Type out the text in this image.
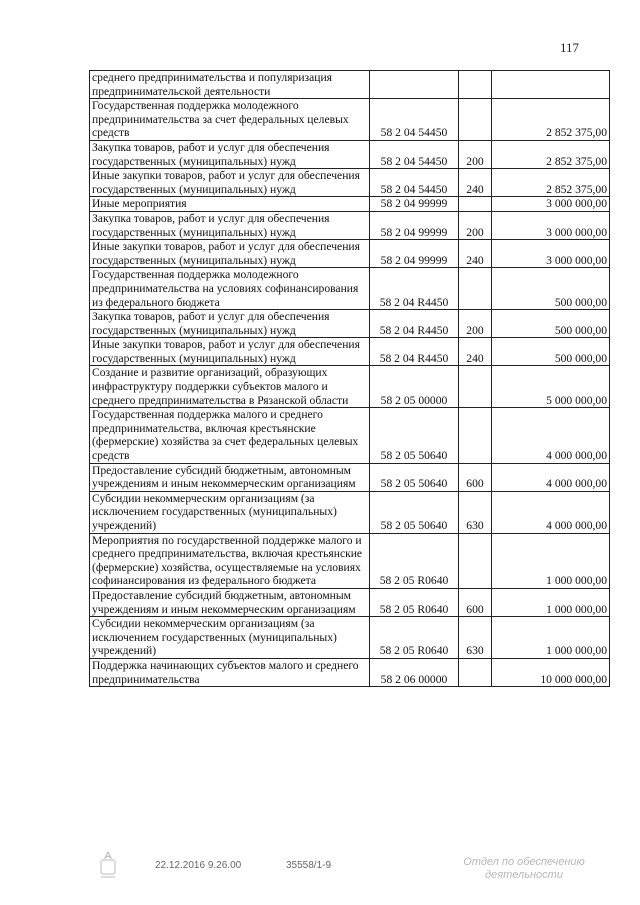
117
среднего предпринимательства и популяризация предпринимательской деятельности			
Государственная поддержка молодежного предпринимательства за счет федеральных целевых средств	58 2 04 54450		2 852 375,00
Закупка товаров, работ и услуг для обеспечения государственных (муниципальных) нужд	58 2 04 54450	200	2 852 375,00
Иные закупки товаров, работ и услуг для обеспечения государственных (муниципальных) нужд	58 2 04 54450	240	2 852 375,00
Иные мероприятия	58 2 04 99999		3 000 000,00
Закупка товаров, работ и услуг для обеспечения государственных (муниципальных) нужд	58 2 04 99999	200	3 000 000,00
Иные закупки товаров, работ и услуг для обеспечения государственных (муниципальных) нужд	58 2 04 99999	240	3 000 000,00
Государственная поддержка молодежного предпринимательства на условиях софинансирования из федерального бюджета	58 2 04 R4450		500 000,00
Закупка товаров, работ и услуг для обеспечения государственных (муниципальных) нужд	58 2 04 R4450	200	500 000,00
Иные закупки товаров, работ и услуг для обеспечения государственных (муниципальных) нужд	58 2 04 R4450	240	500 000,00
Создание и развитие организаций, образующих инфраструктуру поддержки субъектов малого и среднего предпринимательства в Рязанской области	58 2 05 00000		5 000 000,00
Государственная поддержка малого и среднего предпринимательства, включая крестьянские (фермерские) хозяйства за счет федеральных целевых средств	58 2 05 50640		4 000 000,00
Предоставление субсидий бюджетным, автономным учреждениям и иным некоммерческим организациям	58 2 05 50640	600	4 000 000,00
Субсидии некоммерческим организациям (за исключением государственных (муниципальных) учреждений)	58 2 05 50640	630	4 000 000,00
Мероприятия по государственной поддержке малого и среднего предпринимательства, включая крестьянские (фермерские) хозяйства, осуществляемые на условиях софинансирования из федерального бюджета	58 2 05 R0640		1 000 000,00
Предоставление субсидий бюджетным, автономным учреждениям и иным некоммерческим организациям	58 2 05 R0640	600	1 000 000,00
Субсидии некоммерческим организациям (за исключением государственных (муниципальных) учреждений)	58 2 05 R0640	630	1 000 000,00
Поддержка начинающих субъектов малого и среднего предпринимательства	58 2 06 00000		10 000 000,00
22.12.2016 9.26.00	35558/1-9	Отдел по обеспечению деятельности
